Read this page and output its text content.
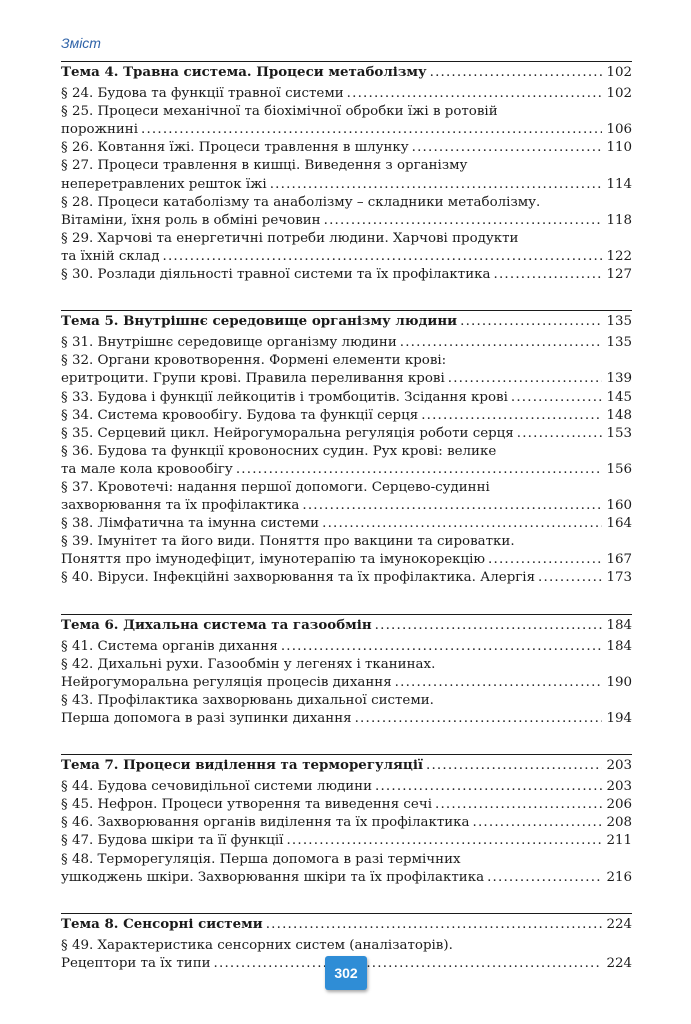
Зміст
Тема 4. Травна система. Процеси метаболізму .....	102
§ 24. Будова та функції травної системи .....	102
§ 25. Процеси механічної та біохімічної обробки їжі в ротовій
порожнині .....	106
§ 26. Ковтання їжі. Процеси травлення в шлунку .....	110
§ 27. Процеси травлення в кишці. Виведення з організму
неперетравлених решток їжі .....	114
§ 28. Процеси катаболізму та анаболізму – складники метаболізму.
Вітаміни, їхня роль в обміні речовин .....	118
§ 29. Харчові та енергетичні потреби людини. Харчові продукти
та їхній склад .....	122
§ 30. Розлади діяльності травної системи та їх профілактика .....	127
Тема 5. Внутрішнє середовище організму людини .....	135
§ 31. Внутрішнє середовище організму людини .....	135
§ 32. Органи кровотворення. Формені елементи крові:
еритроцити. Групи крові. Правила переливання крові .....	139
§ 33. Будова і функції лейкоцитів і тромбоцитів. Зсідання крові .....	145
§ 34. Система кровообігу. Будова та функції серця .....	148
§ 35. Серцевий цикл. Нейрогуморальна регуляція роботи серця .....	153
§ 36. Будова та функції кровоносних судин. Рух крові: велике
та мале кола кровообігу .....	156
§ 37. Кровотечі: надання першої допомоги. Серцево-судинні
захворювання та їх профілактика .....	160
§ 38. Лімфатична та імунна системи .....	164
§ 39. Імунітет та його види. Поняття про вакцини та сироватки.
Поняття про імунодефіцит, імунотерапію та імунокорекцію .....	167
§ 40. Віруси. Інфекційні захворювання та їх профілактика. Алергія .....	173
Тема 6. Дихальна система та газообмін .....	184
§ 41. Система органів дихання .....	184
§ 42. Дихальні рухи. Газообмін у легенях і тканинах.
Нейрогуморальна регуляція процесів дихання .....	190
§ 43. Профілактика захворювань дихальної системи.
Перша допомога в разі зупинки дихання .....	194
Тема 7. Процеси виділення та терморегуляції .....	203
§ 44. Будова сечовидільної системи людини .....	203
§ 45. Нефрон. Процеси утворення та виведення сечі .....	206
§ 46. Захворювання органів виділення та їх профілактика .....	208
§ 47. Будова шкіри та її функції .....	211
§ 48. Терморегуляція. Перша допомога в разі термічних
ушкоджень шкіри. Захворювання шкіри та їх профілактика .....	216
Тема 8. Сенсорні системи .....	224
§ 49. Характеристика сенсорних систем (аналізаторів).
Рецептори та їх типи .....	224
302
